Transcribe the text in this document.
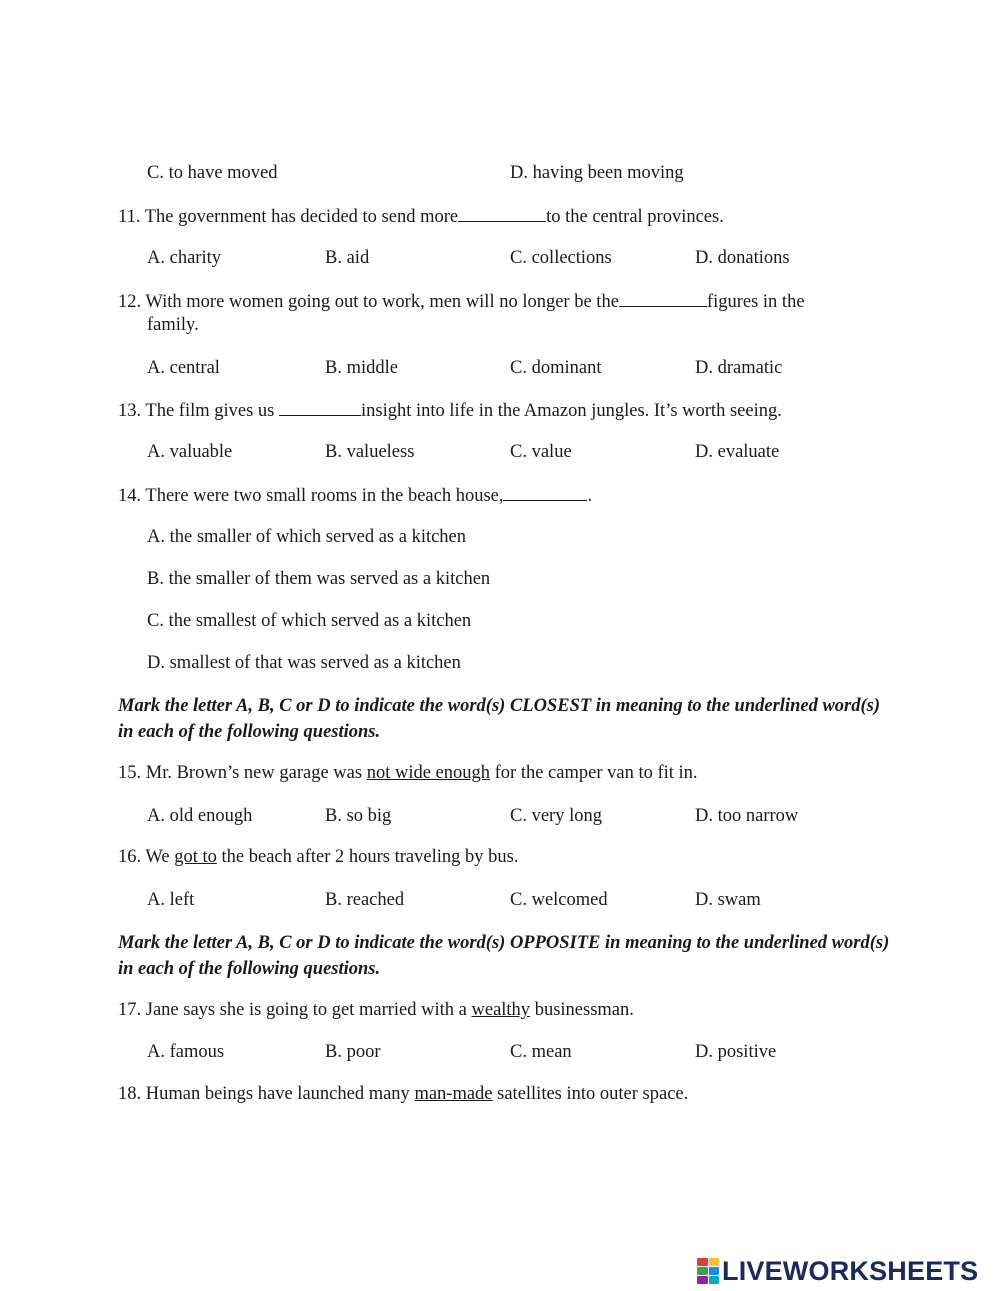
C. to have moved	D. having been moving
11. The government has decided to send more	to the central provinces.
A. charity	B. aid	C. collections	D. donations
12. With more women going out to work, men will no longer be the	figures in the
family.
A. central	B. middle	C. dominant	D. dramatic
13. The film gives us	insight into life in the Amazon jungles. It’s worth seeing.
A. valuable	B. valueless	C. value	D. evaluate
14. There were two small rooms in the beach house,	.
A. the smaller of which served as a kitchen
B. the smaller of them was served as a kitchen
C. the smallest of which served as a kitchen
D. smallest of that was served as a kitchen
Mark the letter A, B, C or D to indicate the word(s) CLOSEST in meaning to the underlined word(s) in each of the following questions.
15. Mr. Brown’s new garage was not wide enough for the camper van to fit in.
A. old enough	B. so big	C. very long	D. too narrow
16. We got to the beach after 2 hours traveling by bus.
A. left	B. reached	C. welcomed	D. swam
Mark the letter A, B, C or D to indicate the word(s) OPPOSITE in meaning to the underlined word(s) in each of the following questions.
17. Jane says she is going to get married with a wealthy businessman.
A. famous	B. poor	C. mean	D. positive
18. Human beings have launched many man-made satellites into outer space.
LIVEWORKSHEETS
